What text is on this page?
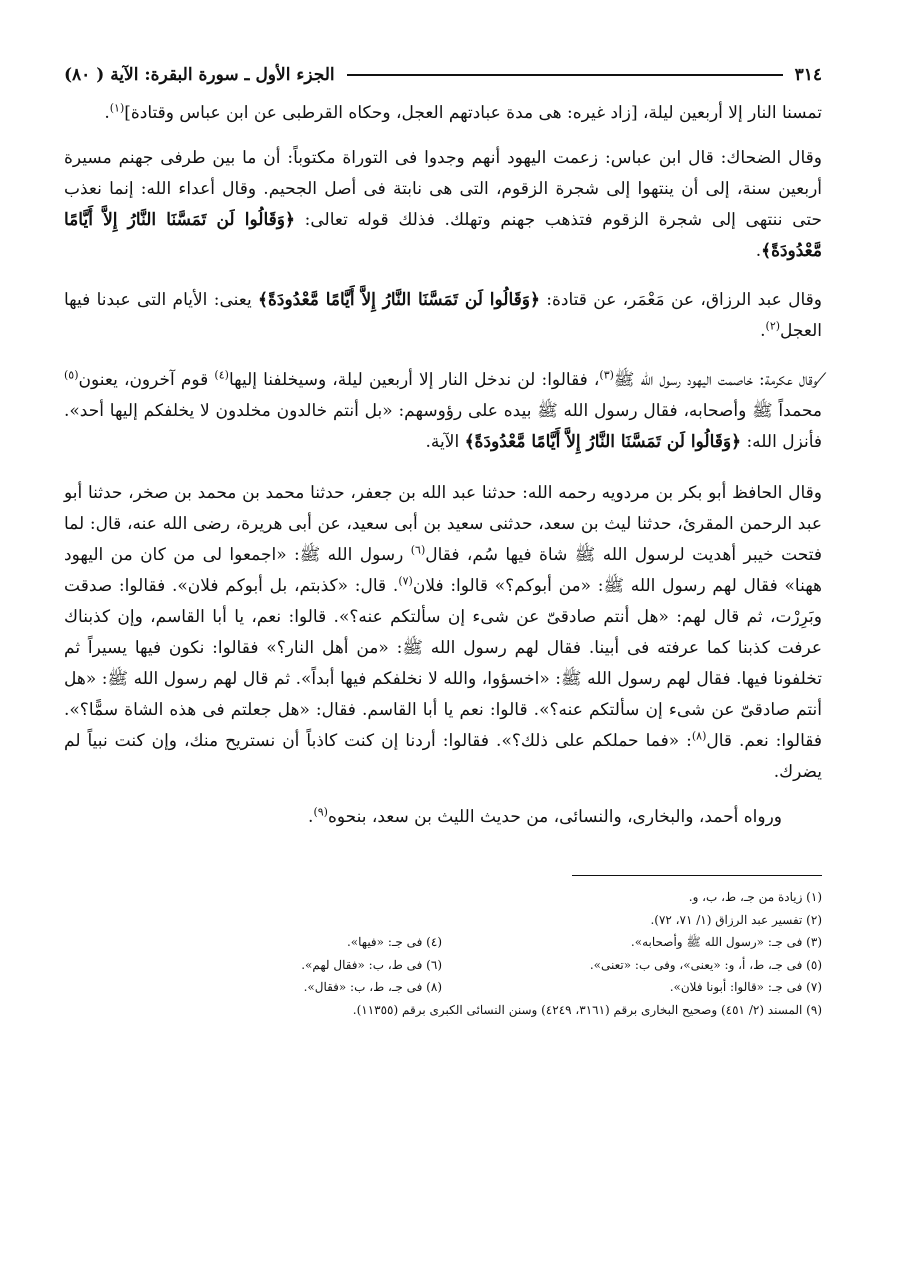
٣١٤
الجزء الأول ـ سورة البقرة: الآية ( ٨٠)
تمسنا النار إلا أربعين ليلة، [زاد غيره: هى مدة عبادتهم العجل، وحكاه القرطبى عن ابن عباس وقتادة]$^{(١)}$.
وقال الضحاك: قال ابن عباس: زعمت اليهود أنهم وجدوا فى التوراة مكتوباً: أن ما بين طرفى جهنم مسيرة أربعين سنة، إلى أن ينتهوا إلى شجرة الزقوم، التى هى نابتة فى أصل الجحيم. وقال أعداء الله: إنما نعذب حتى ننتهى إلى شجرة الزقوم فتذهب جهنم وتهلك. فذلك قوله تعالى: ﴿وَقَالُوا لَن تَمَسَّنَا النَّارُ إِلاَّ أَيَّامًا مَّعْدُودَةً﴾.
وقال عبد الرزاق، عن مَعْمَر، عن قتادة: ﴿وَقَالُوا لَن تَمَسَّنَا النَّارُ إِلاَّ أَيَّامًا مَّعْدُودَةً﴾ يعنى: الأيام التى عبدنا فيها العجل$^{(٢)}$.
⁄وقال عكرمة: خاصمت اليهود رسول الله ﷺ$^{(٣)}$، فقالوا: لن ندخل النار إلا أربعين ليلة، وسيخلفنا إليها$^{(٤)}$ قوم آخرون، يعنون$^{(٥)}$ محمداً ﷺ وأصحابه، فقال رسول الله ﷺ بيده على رؤوسهم: «بل أنتم خالدون مخلدون لا يخلفكم إليها أحد». فأنزل الله: ﴿وَقَالُوا لَن تَمَسَّنَا النَّارُ إِلاَّ أَيَّامًا مَّعْدُودَةً﴾ الآية.
وقال الحافظ أبو بكر بن مردويه رحمه الله: حدثنا عبد الله بن جعفر، حدثنا محمد بن محمد بن صخر، حدثنا أبو عبد الرحمن المقرئ، حدثنا ليث بن سعد، حدثنى سعيد بن أبى سعيد، عن أبى هريرة، رضى الله عنه، قال: لما فتحت خيبر أهديت لرسول الله ﷺ شاة فيها سُم، فقال$^{(٦)}$ رسول الله ﷺ: «اجمعوا لى من كان من اليهود ههنا» فقال لهم رسول الله ﷺ: «من أبوكم؟» قالوا: فلان$^{(٧)}$. قال: «كذبتم، بل أبوكم فلان». فقالوا: صدقت وبَرِرْت، ثم قال لهم: «هل أنتم صادقىّ عن شىء إن سألتكم عنه؟». قالوا: نعم، يا أبا القاسم، وإن كذبناك عرفت كذبنا كما عرفته فى أبينا. فقال لهم رسول الله ﷺ: «من أهل النار؟» فقالوا: نكون فيها يسيراً ثم تخلفونا فيها. فقال لهم رسول الله ﷺ: «اخسؤوا، والله لا نخلفكم فيها أبداً». ثم قال لهم رسول الله ﷺ: «هل أنتم صادقىّ عن شىء إن سألتكم عنه؟». قالوا: نعم يا أبا القاسم. فقال: «هل جعلتم فى هذه الشاة سمًّا؟». فقالوا: نعم. قال$^{(٨)}$: «فما حملكم على ذلك؟». فقالوا: أردنا إن كنت كاذباً أن نستريح منك، وإن كنت نبياً لم يضرك.
ورواه أحمد، والبخارى، والنسائى، من حديث الليث بن سعد، بنحوه$^{(٩)}$.
(١) زيادة من جـ، ط، ب، و.
(٢) تفسير عبد الرزاق (١/ ٧١، ٧٢).
(٣) فى جـ: «رسول الله ﷺ وأصحابه».
(٤) فى جـ: «فيها».
(٥) فى جـ، ط، أ، و: «يعنى»، وفى ب: «تعنى».
(٦) فى ط، ب: «فقال لهم».
(٧) فى جـ: «قالوا: أبونا فلان».
(٨) فى جـ، ط، ب: «فقال».
(٩) المسند (٢/ ٤٥١) وصحيح البخارى برقم (٣١٦١، ٤٢٤٩) وسنن النسائى الكبرى برقم (١١٣٥٥).
